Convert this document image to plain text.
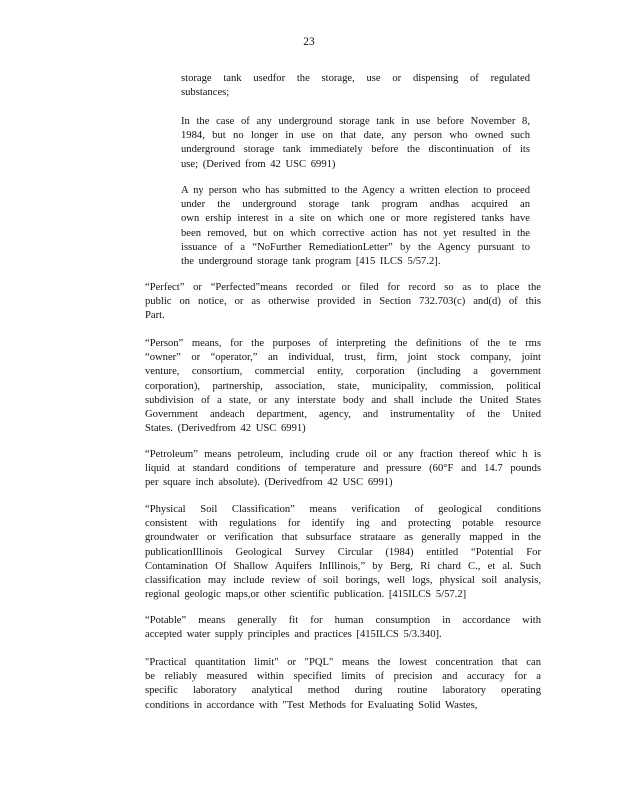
23
storage tank usedfor the storage, use or dispensing of regulated
substances;
In the case of any underground storage tank in use before November 8,
1984, but no longer in use on that date, any person who owned such
underground storage tank immediately before the discontinuation of its
use; (Derived from 42 USC 6991)
A ny person who has submitted to the Agency a written election to proceed
under the underground storage tank program andhas acquired an
own ership interest in a site on which one or more registered tanks have
been removed, but on which corrective action has not yet resulted in the
issuance of a “NoFurther RemediationLetter” by the Agency pursuant to
the underground storage tank program [415 ILCS 5/57.2].
“Perfect” or “Perfected”means recorded or filed for record so as to place the
public on notice, or as otherwise provided in Section 732.703(c) and(d) of this
Part.
“Person” means, for the purposes of interpreting the definitions of the te rms
“owner” or “operator,” an individual, trust, firm, joint stock company, joint
venture, consortium, commercial entity, corporation (including a government
corporation), partnership, association, state, municipality, commission, political
subdivision of a state, or any interstate body and shall include the United States
Government andeach department, agency, and instrumentality of the United
States. (Derivedfrom 42 USC 6991)
“Petroleum” means petroleum, including crude oil or any fraction thereof whic h is
liquid at standard conditions of temperature and pressure (60°F and 14.7 pounds
per square inch absolute). (Derivedfrom 42 USC 6991)
“Physical Soil Classification” means verification of geological conditions
consistent with regulations for identify ing and protecting potable resource
groundwater or verification that subsurface strataare as generally mapped in the
publicationIllinois Geological Survey Circular (1984) entitled “Potential For
Contamination Of Shallow Aquifers InIllinois,” by Berg, Ri chard C., et al. Such
classification may include review of soil borings, well logs, physical soil analysis,
regional geologic maps,or other scientific publication. [415ILCS 5/57.2]
“Potable” means generally fit for human consumption in accordance with
accepted water supply principles and practices [415ILCS 5/3.340].
"Practical quantitation limit" or "PQL" means the lowest concentration that can
be reliably measured within specified limits of precision and accuracy for a
specific laboratory analytical method during routine laboratory operating
conditions in accordance with "Test Methods for Evaluating Solid Wastes,
